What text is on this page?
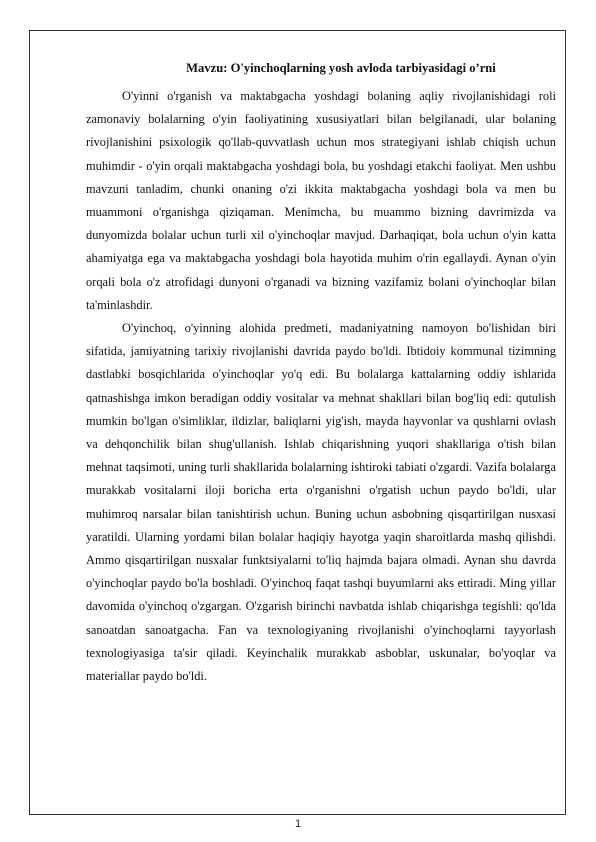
Mavzu: O'yinchoqlarning yosh avloda tarbiyasidagi o’rni

O'yinni o'rganish va maktabgacha yoshdagi bolaning aqliy rivojlanishidagi roli zamonaviy bolalarning o'yin faoliyatining xususiyatlari bilan belgilanadi, ular bolaning rivojlanishini psixologik qo'llab-quvvatlash uchun mos strategiyani ishlab chiqish uchun muhimdir - o'yin orqali maktabgacha yoshdagi bola, bu yoshdagi etakchi faoliyat. Men ushbu mavzuni tanladim, chunki onaning o'zi ikkita maktabgacha yoshdagi bola va men bu muammoni o'rganishga qiziqaman. Menimcha, bu muammo bizning davrimizda va dunyomizda bolalar uchun turli xil o'yinchoqlar mavjud. Darhaqiqat, bola uchun o'yin katta ahamiyatga ega va maktabgacha yoshdagi bola hayotida muhim o'rin egallaydi. Aynan o'yin orqali bola o'z atrofidagi dunyoni o'rganadi va bizning vazifamiz bolani o'yinchoqlar bilan ta'minlashdir.

O'yinchoq, o'yinning alohida predmeti, madaniyatning namoyon bo'lishidan biri sifatida, jamiyatning tarixiy rivojlanishi davrida paydo bo'ldi. Ibtidoiy kommunal tizimning dastlabki bosqichlarida o'yinchoqlar yo'q edi. Bu bolalarga kattalarning oddiy ishlarida qatnashishga imkon beradigan oddiy vositalar va mehnat shakllari bilan bog'liq edi: qutulish mumkin bo'lgan o'simliklar, ildizlar, baliqlarni yig'ish, mayda hayvonlar va qushlarni ovlash va dehqonchilik bilan shug'ullanish. Ishlab chiqarishning yuqori shakllariga o'tish bilan mehnat taqsimoti, uning turli shakllarida bolalarning ishtiroki tabiati o'zgardi. Vazifa bolalarga murakkab vositalarni iloji boricha erta o'rganishni o'rgatish uchun paydo bo'ldi, ular muhimroq narsalar bilan tanishtirish uchun. Buning uchun asbobning qisqartirilgan nusxasi yaratildi. Ularning yordami bilan bolalar haqiqiy hayotga yaqin sharoitlarda mashq qilishdi. Ammo qisqartirilgan nusxalar funktsiyalarni to'liq hajmda bajara olmadi. Aynan shu davrda o'yinchoqlar paydo bo'la boshladi. O'yinchoq faqat tashqi buyumlarni aks ettiradi. Ming yillar davomida o'yinchoq o'zgargan. O'zgarish birinchi navbatda ishlab chiqarishga tegishli: qo'lda sanoatdan sanoatgacha. Fan va texnologiyaning rivojlanishi o'yinchoqlarni tayyorlash texnologiyasiga ta'sir qiladi. Keyinchalik murakkab asboblar, uskunalar, bo'yoqlar va materiallar paydo bo'ldi.

1
